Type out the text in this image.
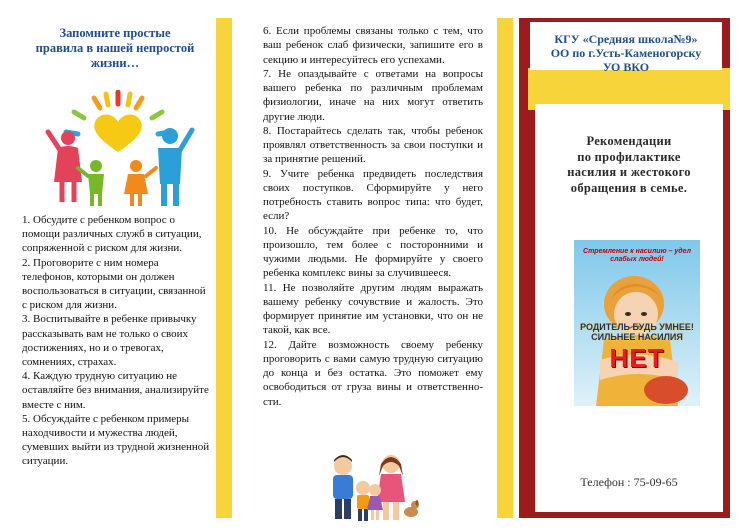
Запомните простые
правила в нашей непростой
жизни…

1. Обсудите с ребенком вопрос о помощи различных служб в ситуации, сопряженной с риском для жизни.

2. Проговорите с ним номера телефонов, которыми он должен воспользоваться в ситуации, связанной с риском для жизни.

3. Воспитывайте в ребенке привычку рассказывать вам не только о своих достижениях, но и о тревогах, сомнениях, страхах.

4. Каждую трудную ситуацию не оставляйте без внимания, анализируйте вместе с ним.

5. Обсуждайте с ребенком примеры находчивости и мужества людей, сумевших выйти из трудной жизненной ситуации.

6. Если проблемы связаны только с тем, что ваш ребенок слаб физически, запишите его в секцию и интересуйтесь его успехами.

7. Не опаздывайте с ответами на вопросы вашего ребенка по различным проблемам физиологии, иначе на них могут ответить другие люди.

8. Постарайтесь сделать так, чтобы ребенок проявлял ответственность за свои поступки и за принятие решений.

9. Учите ребенка предвидеть последствия своих поступков. Сформируйте у него потребность ставить вопрос типа: что будет, если?

10. Не обсуждайте при ребенке то, что произошло, тем более с посторонними и чужими людьми. Не формируйте у своего ребенка комплекс вины за случившееся.

11. Не позволяйте другим людям выражать вашему ребенку сочувствие и жалость. Это формирует принятие им установки, что он не такой, как все.

12. Дайте возможность своему ребенку проговорить с вами самую трудную ситуацию до конца и без остатка. Это поможет ему освободиться от груза вины и ответственно-сти.

КГУ «Средняя школа№9»
ОО по г.Усть-Каменогорску
УО ВКО
Рекомендации
по профилактике
насилия и жестокого
обращения в семье.
Стремление к насилию – удел слабых людей!
РОДИТЕЛЬ БУДЬ УМНЕЕ! СИЛЬНЕЕ НАСИЛИЯ
НЕТ
Телефон : 75-09-65
